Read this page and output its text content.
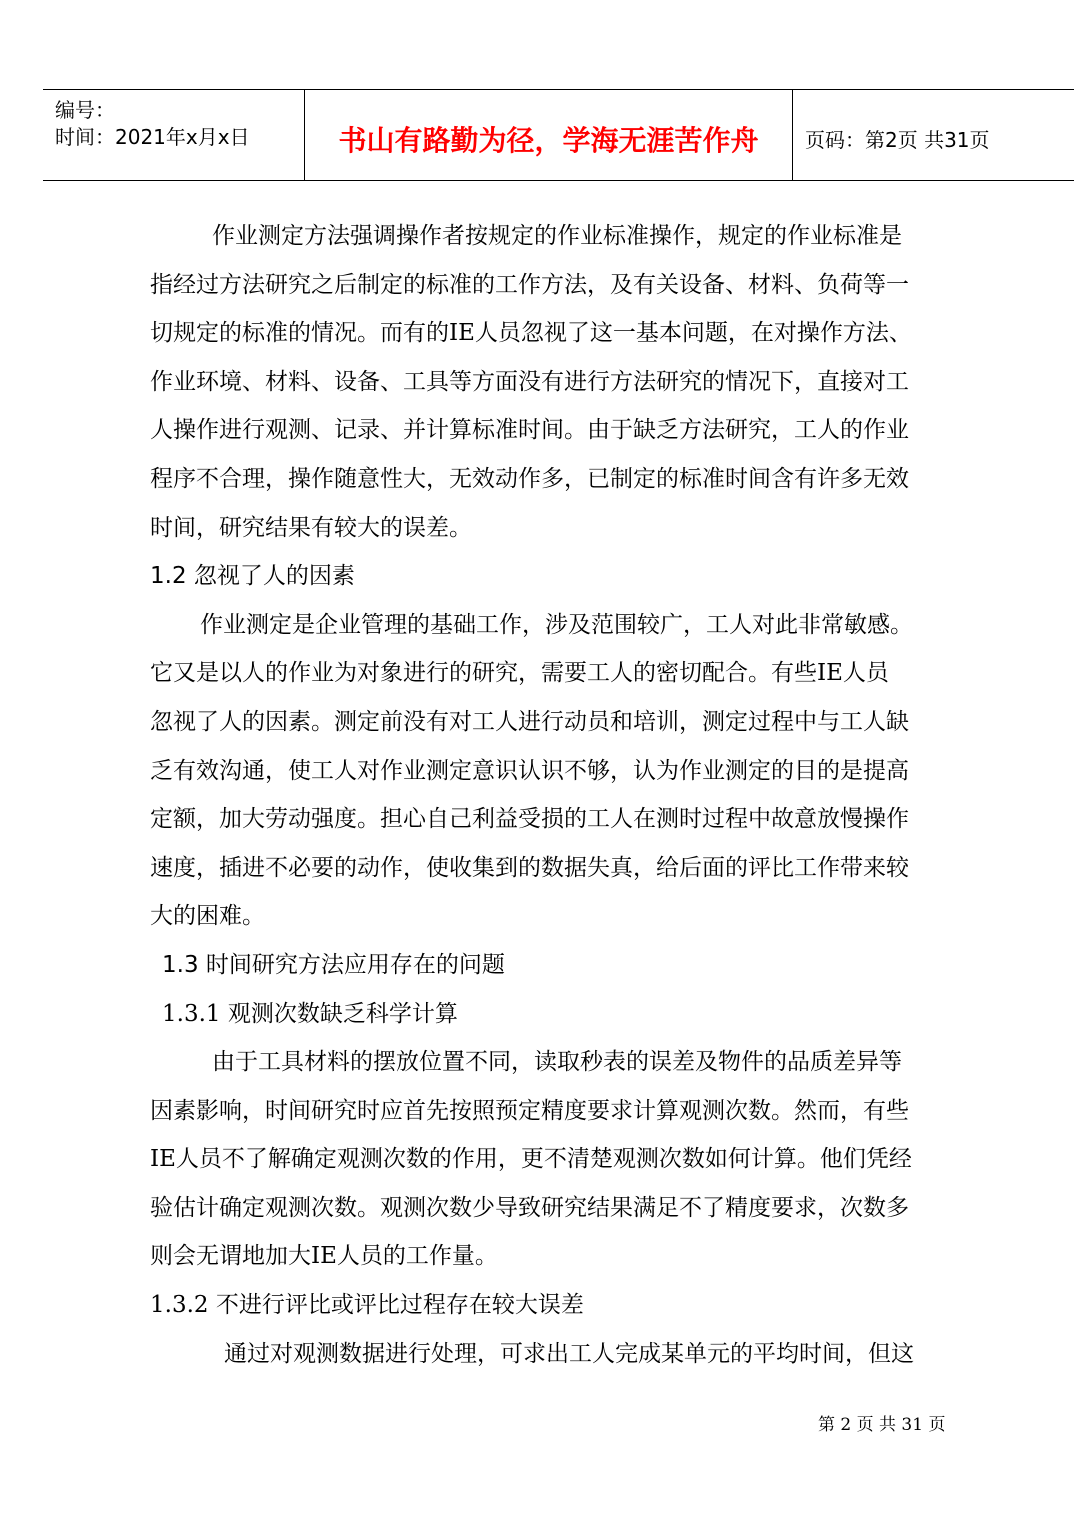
编号：
时间：2021年x月x日	书山有路勤为径，学海无涯苦作舟	页码：第2页 共31页
作业测定方法强调操作者按规定的作业标准操作，规定的作业标准是
指经过方法研究之后制定的标准的工作方法，及有关设备、材料、负荷等一
切规定的标准的情况。而有的IE人员忽视了这一基本问题，在对操作方法、
作业环境、材料、设备、工具等方面没有进行方法研究的情况下，直接对工
人操作进行观测、记录、并计算标准时间。由于缺乏方法研究，工人的作业
程序不合理，操作随意性大，无效动作多，已制定的标准时间含有许多无效
时间，研究结果有较大的误差。
1.2 忽视了人的因素
作业测定是企业管理的基础工作，涉及范围较广，工人对此非常敏感。
它又是以人的作业为对象进行的研究，需要工人的密切配合。有些IE人员
忽视了人的因素。测定前没有对工人进行动员和培训，测定过程中与工人缺
乏有效沟通，使工人对作业测定意识认识不够，认为作业测定的目的是提高
定额，加大劳动强度。担心自己利益受损的工人在测时过程中故意放慢操作
速度，插进不必要的动作，使收集到的数据失真，给后面的评比工作带来较
大的困难。
1.3 时间研究方法应用存在的问题
1.3.1 观测次数缺乏科学计算
由于工具材料的摆放位置不同，读取秒表的误差及物件的品质差异等
因素影响，时间研究时应首先按照预定精度要求计算观测次数。然而，有些
IE人员不了解确定观测次数的作用，更不清楚观测次数如何计算。他们凭经
验估计确定观测次数。观测次数少导致研究结果满足不了精度要求，次数多
则会无谓地加大IE人员的工作量。
1.3.2 不进行评比或评比过程存在较大误差
通过对观测数据进行处理，可求出工人完成某单元的平均时间，但这
第 2 页 共 31 页
